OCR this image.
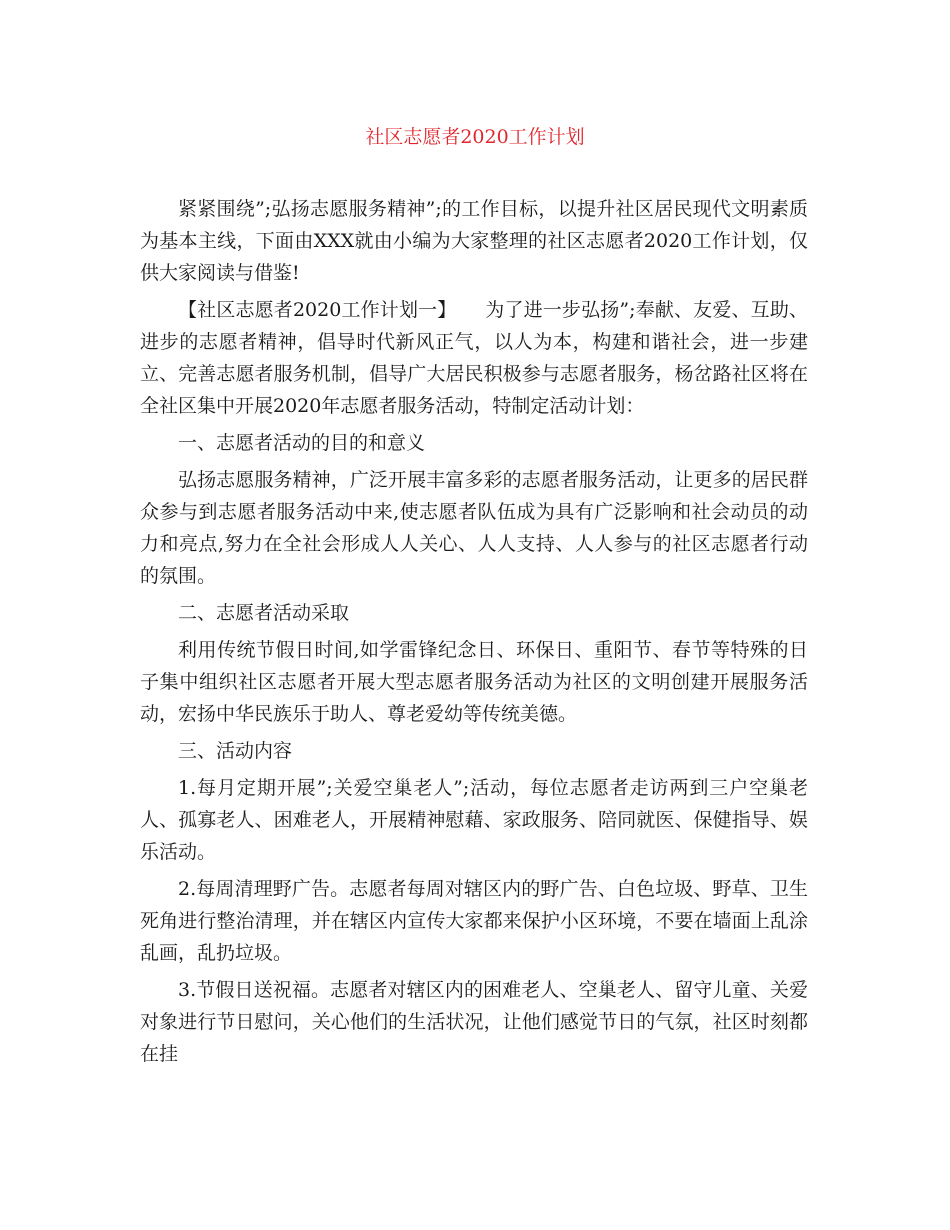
社区志愿者2020工作计划

紧紧围绕”;弘扬志愿服务精神”;的工作目标，以提升社区居民现代文明素质为基本主线，下面由XXX就由小编为大家整理的社区志愿者2020工作计划，仅供大家阅读与借鉴!

【社区志愿者2020工作计划一】　　为了进一步弘扬”;奉献、友爱、互助、进步的志愿者精神，倡导时代新风正气，以人为本，构建和谐社会，进一步建立、完善志愿者服务机制，倡导广大居民积极参与志愿者服务，杨岔路社区将在全社区集中开展2020年志愿者服务活动，特制定活动计划：

一、志愿者活动的目的和意义

弘扬志愿服务精神，广泛开展丰富多彩的志愿者服务活动，让更多的居民群众参与到志愿者服务活动中来,使志愿者队伍成为具有广泛影响和社会动员的动力和亮点,努力在全社会形成人人关心、人人支持、人人参与的社区志愿者行动的氛围。

二、志愿者活动采取

利用传统节假日时间,如学雷锋纪念日、环保日、重阳节、春节等特殊的日子集中组织社区志愿者开展大型志愿者服务活动为社区的文明创建开展服务活动，宏扬中华民族乐于助人、尊老爱幼等传统美德。

三、活动内容

1.每月定期开展”;关爱空巢老人”;活动，每位志愿者走访两到三户空巢老人、孤寡老人、困难老人，开展精神慰藉、家政服务、陪同就医、保健指导、娱乐活动。

2.每周清理野广告。志愿者每周对辖区内的野广告、白色垃圾、野草、卫生死角进行整治清理，并在辖区内宣传大家都来保护小区环境，不要在墙面上乱涂乱画，乱扔垃圾。

3.节假日送祝福。志愿者对辖区内的困难老人、空巢老人、留守儿童、关爱对象进行节日慰问，关心他们的生活状况，让他们感觉节日的气氛，社区时刻都在挂
